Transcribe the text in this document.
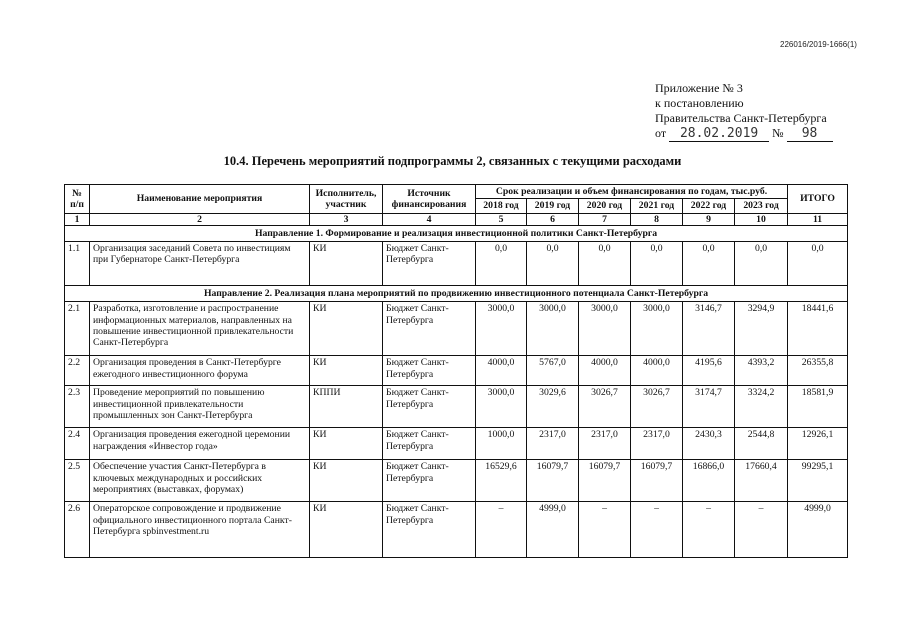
226016/2019-1666(1)
Приложение № 3
к постановлению
Правительства Санкт-Петербурга
от 28.02.2019 № 98
10.4. Перечень мероприятий подпрограммы 2, связанных с текущими расходами
№ п/п	Наименование мероприятия	Исполнитель, участник	Источник финансирования	Срок реализации и объем финансирования по годам, тыс.руб.						ИТОГО
				2018 год	2019 год	2020 год	2021 год	2022 год	2023 год	
1	2	3	4	5	6	7	8	9	10	11
Направление 1. Формирование и реализация инвестиционной политики Санкт-Петербурга										
1.1	Организация заседаний Совета по инвестициям при Губернаторе Санкт-Петербурга	КИ	Бюджет Санкт-Петербурга	0,0	0,0	0,0	0,0	0,0	0,0	0,0
Направление 2. Реализация плана мероприятий по продвижению инвестиционного потенциала Санкт-Петербурга										
2.1	Разработка, изготовление и распространение информационных материалов, направленных на повышение инвестиционной привлекательности Санкт-Петербурга	КИ	Бюджет Санкт-Петербурга	3000,0	3000,0	3000,0	3000,0	3146,7	3294,9	18441,6
2.2	Организация проведения в Санкт-Петербурге ежегодного инвестиционного форума	КИ	Бюджет Санкт-Петербурга	4000,0	5767,0	4000,0	4000,0	4195,6	4393,2	26355,8
2.3	Проведение мероприятий по повышению инвестиционной привлекательности промышленных зон Санкт-Петербурга	КППИ	Бюджет Санкт-Петербурга	3000,0	3029,6	3026,7	3026,7	3174,7	3324,2	18581,9
2.4	Организация проведения ежегодной церемонии награждения «Инвестор года»	КИ	Бюджет Санкт-Петербурга	1000,0	2317,0	2317,0	2317,0	2430,3	2544,8	12926,1
2.5	Обеспечение участия Санкт-Петербурга в ключевых международных и российских мероприятиях (выставках, форумах)	КИ	Бюджет Санкт-Петербурга	16529,6	16079,7	16079,7	16079,7	16866,0	17660,4	99295,1
2.6	Операторское сопровождение и продвижение официального инвестиционного портала Санкт-Петербурга spbinvestment.ru	КИ	Бюджет Санкт-Петербурга	–	4999,0	–	–	–	–	4999,0
